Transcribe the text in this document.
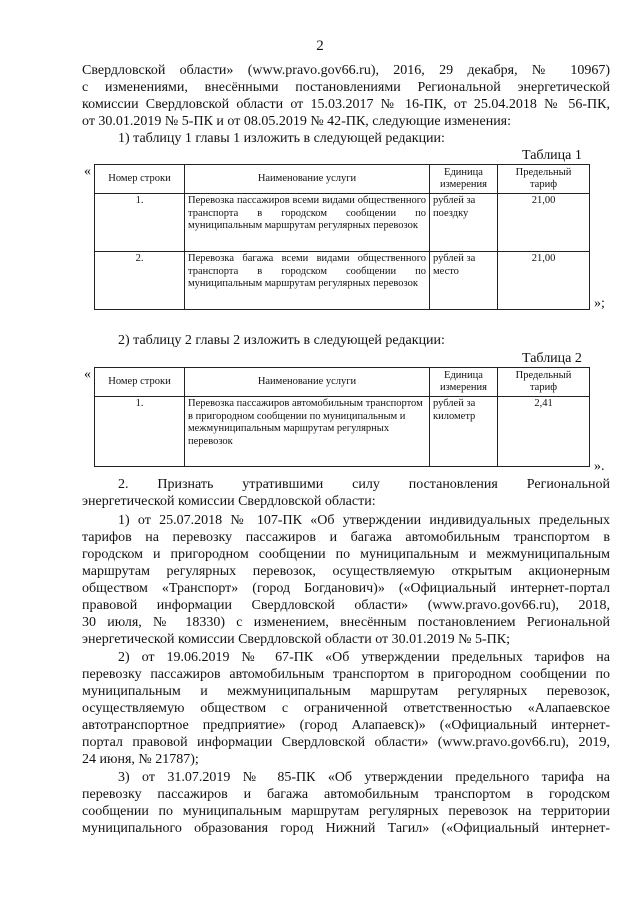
2
Свердловской области» (www.pravo.gov66.ru), 2016, 29 декабря, № 10967)
с изменениями, внесёнными постановлениями Региональной энергетической
комиссии Свердловской области от 15.03.2017 № 16-ПК, от 25.04.2018 № 56-ПК,
от 30.01.2019 № 5-ПК и от 08.05.2019 № 42-ПК, следующие изменения:
1) таблицу 1 главы 1 изложить в следующей редакции:
Таблица 1
« Номер строки	Наименование услуги	Единица измерения	Предельный тариф
1.	Перевозка пассажиров всеми видами общественного транспорта в городском сообщении по муниципальным маршрутам регулярных перевозок	рублей за поездку	21,00
2.	Перевозка багажа всеми видами общественного транспорта в городском сообщении по муниципальным маршрутам регулярных перевозок	рублей за место	21,00
»;
2) таблицу 2 главы 2 изложить в следующей редакции:
Таблица 2
« Номер строки	Наименование услуги	Единица измерения	Предельный тариф
1.	Перевозка пассажиров автомобильным транспортом в пригородном сообщении по муниципальным и межмуниципальным маршрутам регулярных перевозок	рублей за километр	2,41
».
2. Признать утратившими силу постановления Региональной
энергетической комиссии Свердловской области:
1) от 25.07.2018 № 107-ПК «Об утверждении индивидуальных предельных
тарифов на перевозку пассажиров и багажа автомобильным транспортом в
городском и пригородном сообщении по муниципальным и межмуниципальным
маршрутам регулярных перевозок, осуществляемую открытым акционерным
обществом «Транспорт» (город Богданович)» («Официальный интернет-портал
правовой информации Свердловской области» (www.pravo.gov66.ru), 2018,
30 июля, № 18330) с изменением, внесённым постановлением Региональной
энергетической комиссии Свердловской области от 30.01.2019 № 5-ПК;
2) от 19.06.2019 № 67-ПК «Об утверждении предельных тарифов на
перевозку пассажиров автомобильным транспортом в пригородном сообщении по
муниципальным и межмуниципальным маршрутам регулярных перевозок,
осуществляемую обществом с ограниченной ответственностью «Алапаевское
автотранспортное предприятие» (город Алапаевск)» («Официальный интернет-
портал правовой информации Свердловской области» (www.pravo.gov66.ru), 2019,
24 июня, № 21787);
3) от 31.07.2019 № 85-ПК «Об утверждении предельного тарифа на
перевозку пассажиров и багажа автомобильным транспортом в городском
сообщении по муниципальным маршрутам регулярных перевозок на территории
муниципального образования город Нижний Тагил» («Официальный интернет-
